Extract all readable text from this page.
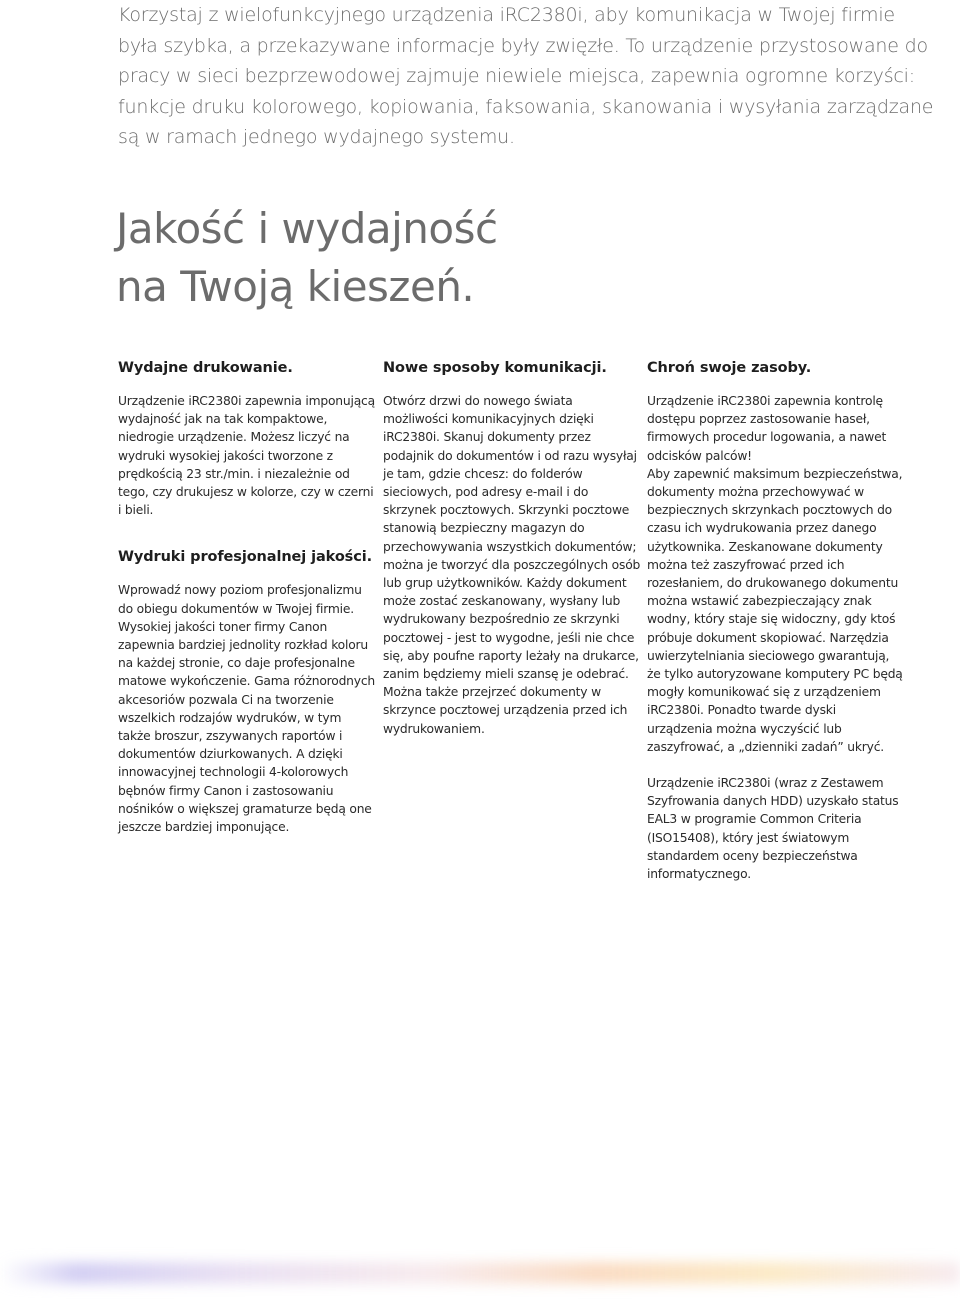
Korzystaj z wielofunkcyjnego urządzenia iRC2380i, aby komunikacja w Twojej firmie była szybka, a przekazywane informacje były zwięzłe. To urządzenie przystosowane do pracy w sieci bezprzewodowej zajmuje niewiele miejsca, zapewnia ogromne korzyści: funkcje druku kolorowego, kopiowania, faksowania, skanowania i wysyłania zarządzane są w ramach jednego wydajnego systemu.

Jakość i wydajność
na Twoją kieszeń.
Wydajne drukowanie.

Urządzenie iRC2380i zapewnia imponującą wydajność jak na tak kompaktowe, niedrogie urządzenie. Możesz liczyć na wydruki wysokiej jakości tworzone z prędkością 23 str./min. i niezależnie od tego, czy drukujesz w kolorze, czy w czerni i bieli.

Wydruki profesjonalnej jakości.

Wprowadź nowy poziom profesjonalizmu do obiegu dokumentów w Twojej firmie. Wysokiej jakości toner firmy Canon zapewnia bardziej jednolity rozkład koloru na każdej stronie, co daje profesjonalne matowe wykończenie. Gama różnorodnych akcesoriów pozwala Ci na tworzenie wszelkich rodzajów wydruków, w tym także broszur, zszywanych raportów i dokumentów dziurkowanych. A dzięki innowacyjnej technologii 4-kolorowych bębnów firmy Canon i zastosowaniu nośników o większej gramaturze będą one jeszcze bardziej imponujące.

Nowe sposoby komunikacji.

Otwórz drzwi do nowego świata możliwości komunikacyjnych dzięki iRC2380i. Skanuj dokumenty przez podajnik do dokumentów i od razu wysyłaj je tam, gdzie chcesz: do folderów sieciowych, pod adresy e-mail i do skrzynek pocztowych. Skrzynki pocztowe stanowią bezpieczny magazyn do przechowywania wszystkich dokumentów; można je tworzyć dla poszczególnych osób lub grup użytkowników. Każdy dokument może zostać zeskanowany, wysłany lub wydrukowany bezpośrednio ze skrzynki pocztowej - jest to wygodne, jeśli nie chce się, aby poufne raporty leżały na drukarce, zanim będziemy mieli szansę je odebrać. Można także przejrzeć dokumenty w skrzynce pocztowej urządzenia przed ich wydrukowaniem.

Chroń swoje zasoby.

Urządzenie iRC2380i zapewnia kontrolę dostępu poprzez zastosowanie haseł, firmowych procedur logowania, a nawet odcisków palców!

Aby zapewnić maksimum bezpieczeństwa, dokumenty można przechowywać w bezpiecznych skrzynkach pocztowych do czasu ich wydrukowania przez danego użytkownika. Zeskanowane dokumenty można też zaszyfrować przed ich rozesłaniem, do drukowanego dokumentu można wstawić zabezpieczający znak wodny, który staje się widoczny, gdy ktoś próbuje dokument skopiować. Narzędzia uwierzytelniania sieciowego gwarantują, że tylko autoryzowane komputery PC będą mogły komunikować się z urządzeniem iRC2380i. Ponadto twarde dyski urządzenia można wyczyścić lub zaszyfrować, a „dzienniki zadań” ukryć.

Urządzenie iRC2380i (wraz z Zestawem Szyfrowania danych HDD) uzyskało status EAL3 w programie Common Criteria (ISO15408), który jest światowym standardem oceny bezpieczeństwa informatycznego.
